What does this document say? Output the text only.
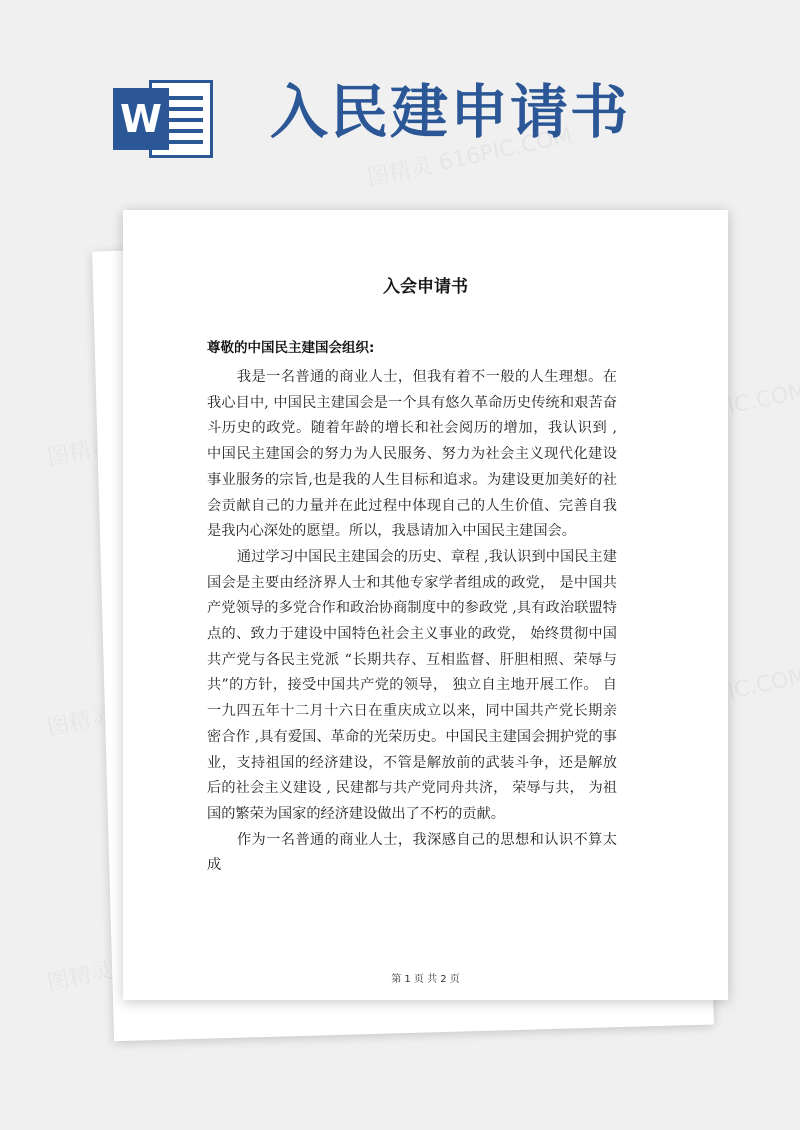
W 入民建申请书
入会申请书
尊敬的中国民主建国会组织:

我是一名普通的商业人士，但我有着不一般的人生理想。在我心目中, 中国民主建国会是一个具有悠久革命历史传统和艰苦奋斗历史的政党。随着年龄的增长和社会阅历的增加，我认识到 , 中国民主建国会的努力为人民服务、努力为社会主义现代化建设事业服务的宗旨,也是我的人生目标和追求。为建设更加美好的社会贡献自己的力量并在此过程中体现自己的人生价值、完善自我是我内心深处的愿望。所以，我恳请加入中国民主建国会。

通过学习中国民主建国会的历史、章程 ,我认识到中国民主建国会是主要由经济界人士和其他专家学者组成的政党， 是中国共产党领导的多党合作和政治协商制度中的参政党 ,具有政治联盟特点的、致力于建设中国特色社会主义事业的政党， 始终贯彻中国共产党与各民主党派 “长期共存、互相监督、肝胆相照、荣辱与共”的方针，接受中国共产党的领导， 独立自主地开展工作。 自一九四五年十二月十六日在重庆成立以来，同中国共产党长期亲密合作 ,具有爱国、革命的光荣历史。中国民主建国会拥护党的事业，支持祖国的经济建设，不管是解放前的武装斗争，还是解放后的社会主义建设 , 民建都与共产党同舟共济， 荣辱与共， 为祖国的繁荣为国家的经济建设做出了不朽的贡献。

作为一名普通的商业人士，我深感自己的思想和认识不算太成

第 1 页 共 2 页
